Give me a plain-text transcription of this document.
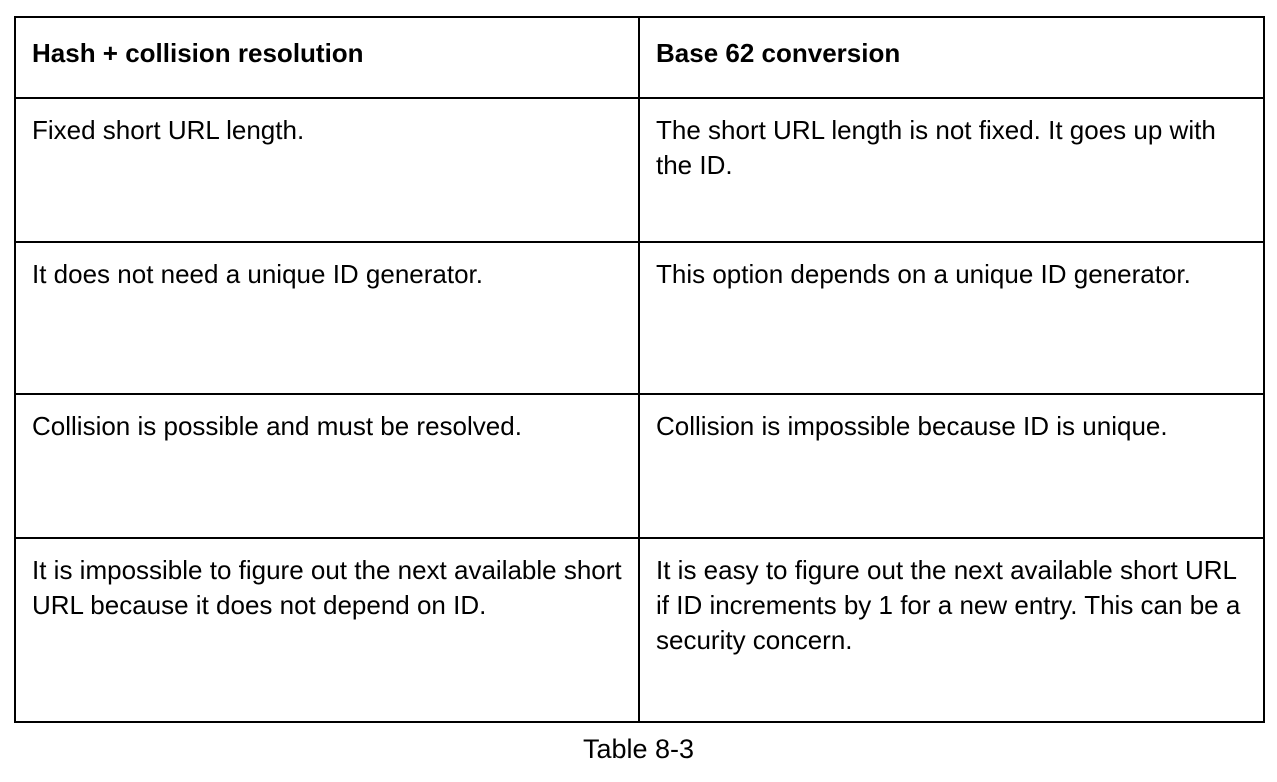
Hash + collision resolution	Base 62 conversion
Fixed short URL length.	The short URL length is not fixed. It goes up with the ID.
It does not need a unique ID generator.	This option depends on a unique ID generator.
Collision is possible and must be resolved.	Collision is impossible because ID is unique.
It is impossible to figure out the next available short URL because it does not depend on ID.	It is easy to figure out the next available short URL if ID increments by 1 for a new entry. This can be a security concern.
Table 8-3
